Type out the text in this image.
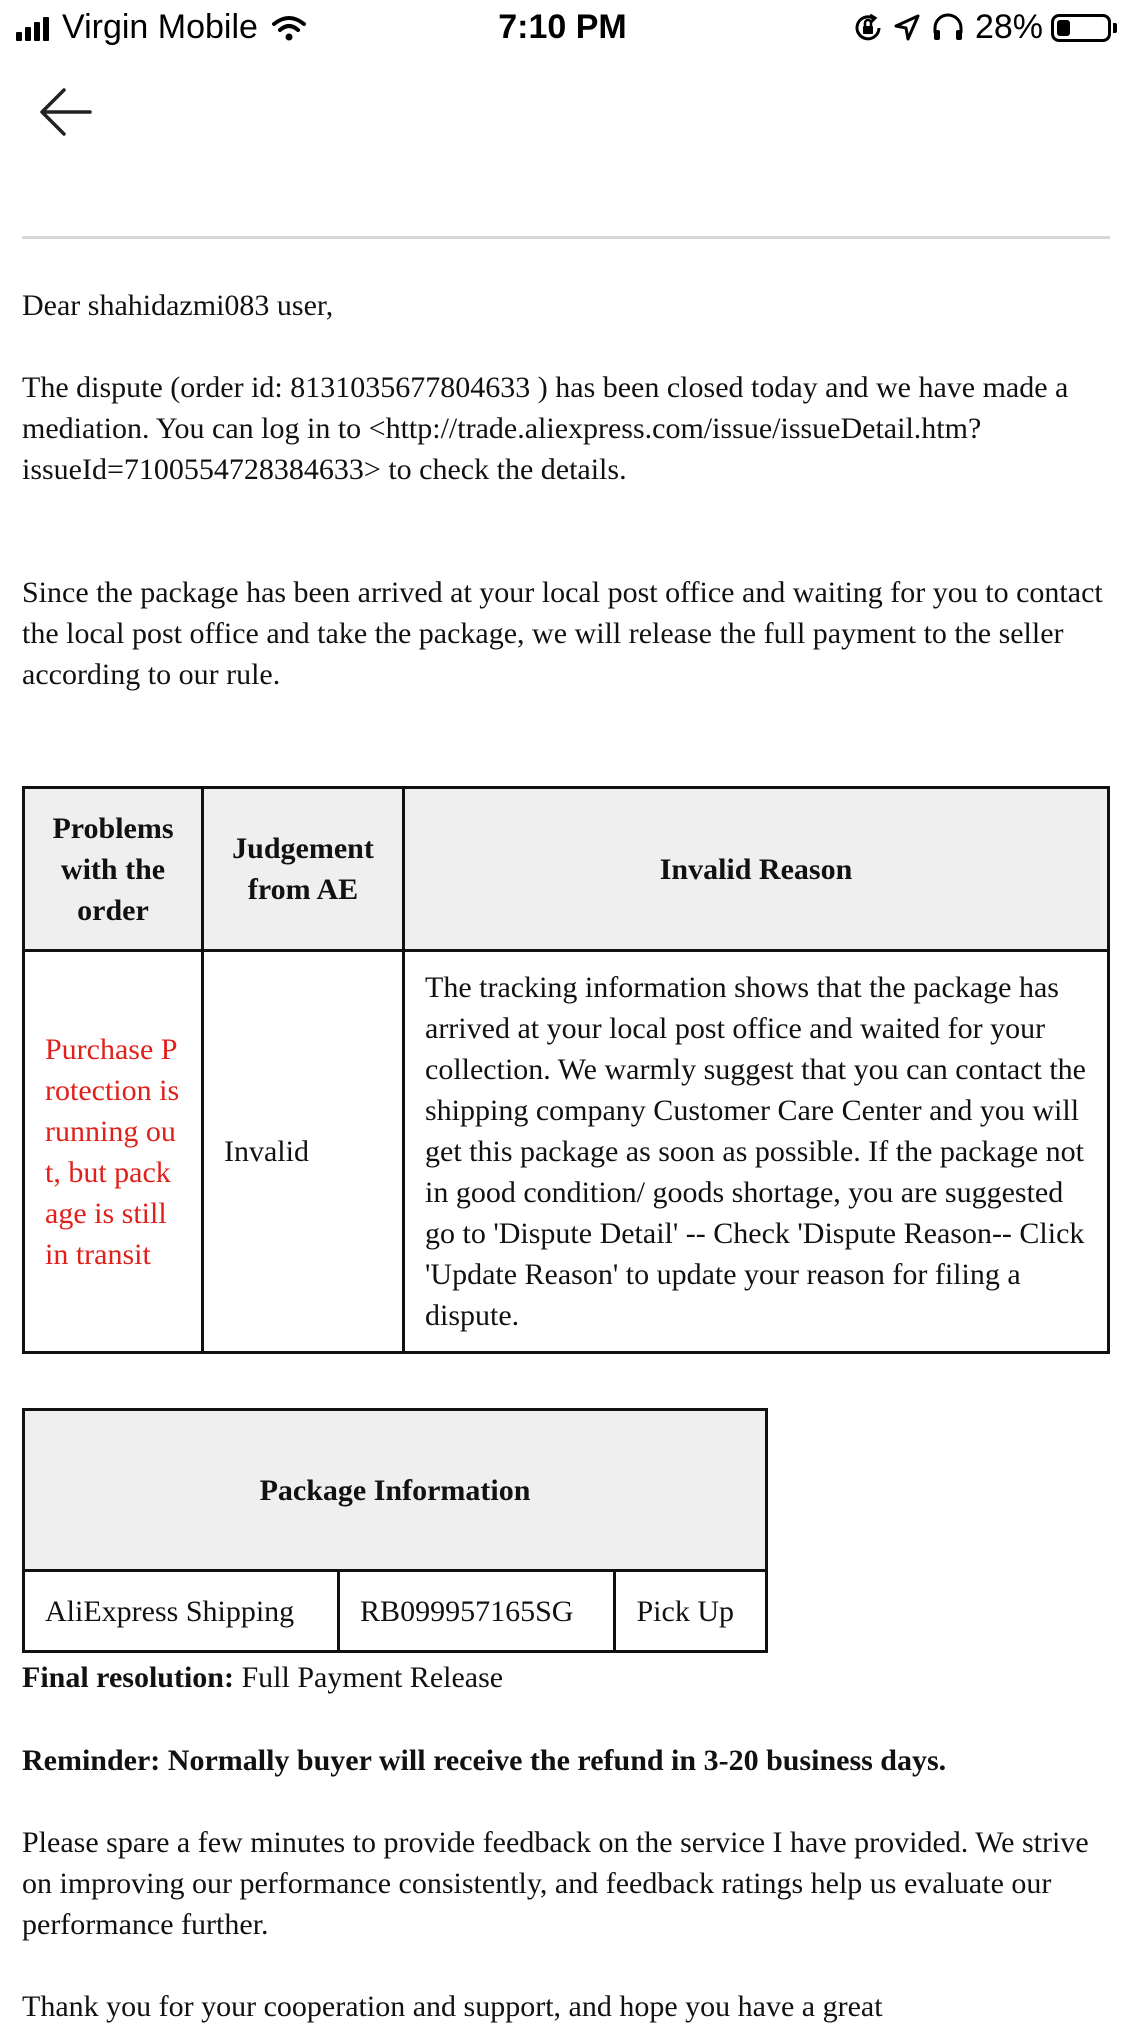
Virgin Mobile	7:10 PM	28%

Dear shahidazmi083 user,

The dispute (order id: 8131035677804633 ) has been closed today and we have made a mediation. You can log in to <http://trade.aliexpress.com/issue/issueDetail.htm?issueId=7100554728384633> to check the details.

Since the package has been arrived at your local post office and waiting for you to contact the local post office and take the package, we will release the full payment to the seller according to our rule.

Problems with the order	Judgement from AE	Invalid Reason
Purchase Protection is running out, but package is still in transit	Invalid	The tracking information shows that the package has arrived at your local post office and waited for your collection. We warmly suggest that you can contact the shipping company Customer Care Center and you will get this package as soon as possible. If the package not in good condition/ goods shortage, you are suggested go to 'Dispute Detail' -- Check 'Dispute Reason-- Click 'Update Reason' to update your reason for filing a dispute.
Package Information
AliExpress Shipping	RB099957165SG	Pick Up
Final resolution: Full Payment Release
Reminder: Normally buyer will receive the refund in 3-20 business days.
Please spare a few minutes to provide feedback on the service I have provided. We strive on improving our performance consistently, and feedback ratings help us evaluate our performance further.
Thank you for your cooperation and support, and hope you have a great
